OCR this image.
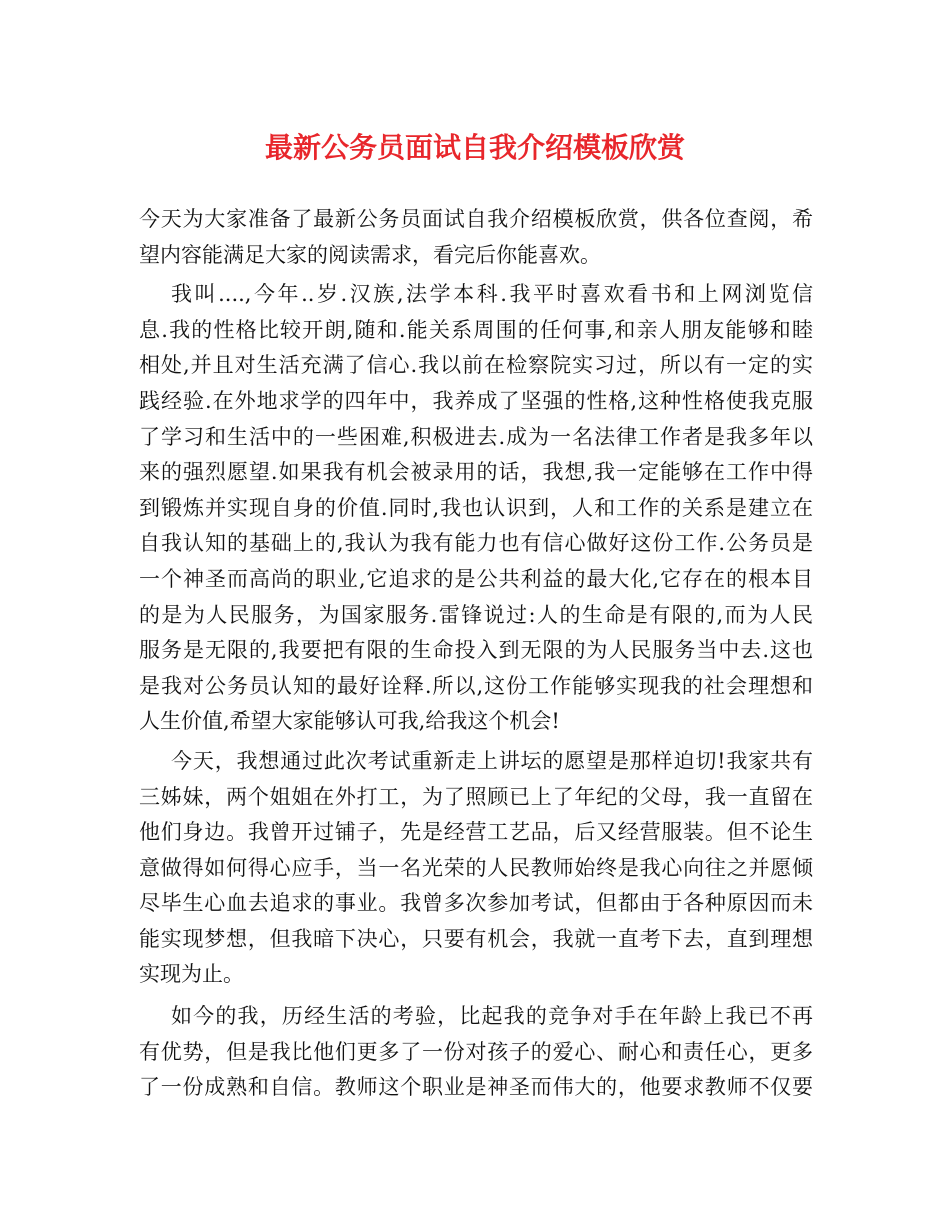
最新公务员面试自我介绍模板欣赏

今天为大家准备了最新公务员面试自我介绍模板欣赏，供各位查阅，希
望内容能满足大家的阅读需求，看完后你能喜欢。

我叫....,今年..岁.汉族,法学本科.我平时喜欢看书和上网浏览信
息.我的性格比较开朗,随和.能关系周围的任何事,和亲人朋友能够和睦
相处,并且对生活充满了信心.我以前在检察院实习过，所以有一定的实
践经验.在外地求学的四年中，我养成了坚强的性格,这种性格使我克服
了学习和生活中的一些困难,积极进去.成为一名法律工作者是我多年以
来的强烈愿望.如果我有机会被录用的话，我想,我一定能够在工作中得
到锻炼并实现自身的价值.同时,我也认识到，人和工作的关系是建立在
自我认知的基础上的,我认为我有能力也有信心做好这份工作.公务员是
一个神圣而高尚的职业,它追求的是公共利益的最大化,它存在的根本目
的是为人民服务，为国家服务.雷锋说过:人的生命是有限的,而为人民
服务是无限的,我要把有限的生命投入到无限的为人民服务当中去.这也
是我对公务员认知的最好诠释.所以,这份工作能够实现我的社会理想和
人生价值,希望大家能够认可我,给我这个机会!

今天，我想通过此次考试重新走上讲坛的愿望是那样迫切!我家共有
三姊妹，两个姐姐在外打工，为了照顾已上了年纪的父母，我一直留在
他们身边。我曾开过铺子，先是经营工艺品，后又经营服装。但不论生
意做得如何得心应手，当一名光荣的人民教师始终是我心向往之并愿倾
尽毕生心血去追求的事业。我曾多次参加考试，但都由于各种原因而未
能实现梦想，但我暗下决心，只要有机会，我就一直考下去，直到理想
实现为止。

如今的我，历经生活的考验，比起我的竞争对手在年龄上我已不再
有优势，但是我比他们更多了一份对孩子的爱心、耐心和责任心，更多
了一份成熟和自信。教师这个职业是神圣而伟大的，他要求教师不仅要
